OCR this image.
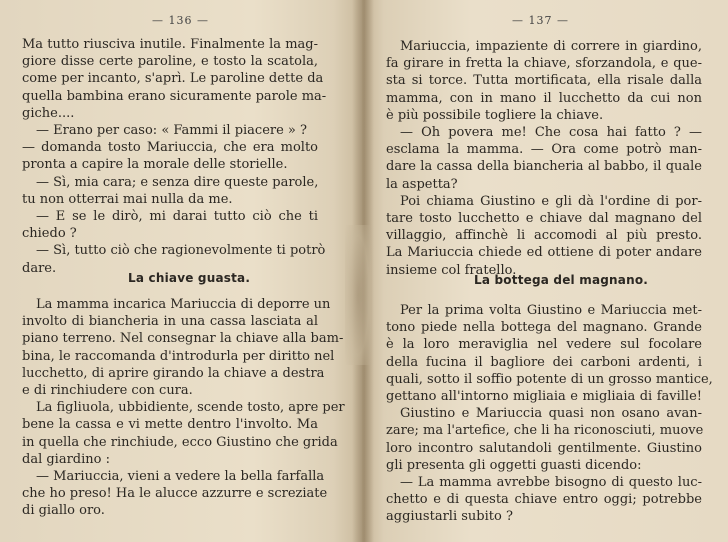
— 136 —
Ma tutto riusciva inutile. Finalmente la mag-
giore disse certe paroline, e tosto la scatola,
come per incanto, s'aprì. Le paroline dette da
quella bambina erano sicuramente parole ma-
giche....
— Erano per caso: « Fammi il piacere » ?
— domanda tosto Mariuccia, che era molto
pronta a capire la morale delle storielle.
— Sì, mia cara; e senza dire queste parole,
tu non otterrai mai nulla da me.
— E se le dirò, mi darai tutto ciò che ti
chiedo ?
— Sì, tutto ciò che ragionevolmente ti potrò
dare.
La chiave guasta.
La mamma incarica Mariuccia di deporre un
involto di biancheria in una cassa lasciata al
piano terreno. Nel consegnar la chiave alla bam-
bina, le raccomanda d'introdurla per diritto nel
lucchetto, di aprire girando la chiave a destra
e di rinchiudere con cura.
La figliuola, ubbidiente, scende tosto, apre per
bene la cassa e vi mette dentro l'involto. Ma
in quella che rinchiude, ecco Giustino che grida
dal giardino :
— Mariuccia, vieni a vedere la bella farfalla
che ho preso! Ha le alucce azzurre e screziate
di giallo oro.
— 137 —
Mariuccia, impaziente di correre in giardino,
fa girare in fretta la chiave, sforzandola, e que-
sta si torce. Tutta mortificata, ella risale dalla
mamma, con in mano il lucchetto da cui non
è più possibile togliere la chiave.
— Oh povera me! Che cosa hai fatto ? —
esclama la mamma. — Ora come potrò man-
dare la cassa della biancheria al babbo, il quale
la aspetta?
Poi chiama Giustino e gli dà l'ordine di por-
tare tosto lucchetto e chiave dal magnano del
villaggio, affinchè li accomodi al più presto.
La Mariuccia chiede ed ottiene di poter andare
insieme col fratello.
La bottega del magnano.
Per la prima volta Giustino e Mariuccia met-
tono piede nella bottega del magnano. Grande
è la loro meraviglia nel vedere sul focolare
della fucina il bagliore dei carboni ardenti, i
quali, sotto il soffio potente di un grosso mantice,
gettano all'intorno migliaia e migliaia di faville!
Giustino e Mariuccia quasi non osano avan-
zare; ma l'artefice, che li ha riconosciuti, muove
loro incontro salutandoli gentilmente. Giustino
gli presenta gli oggetti guasti dicendo:
— La mamma avrebbe bisogno di questo luc-
chetto e di questa chiave entro oggi; potrebbe
aggiustarli subito ?
